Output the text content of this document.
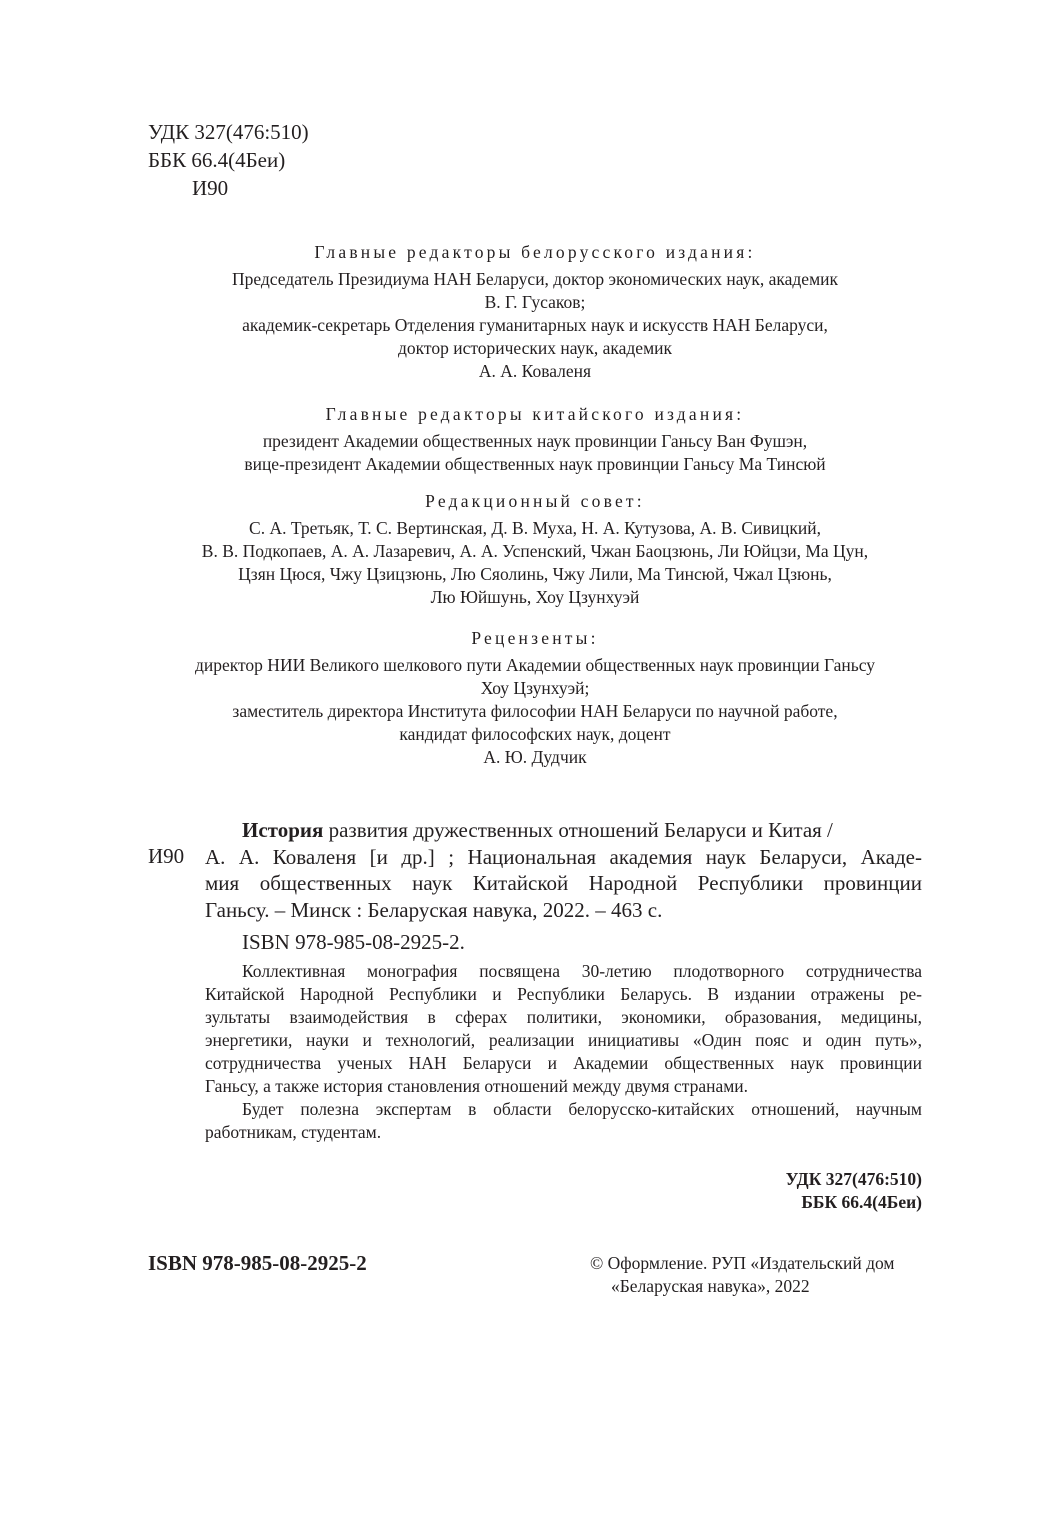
УДК 327(476:510)
ББК 66.4(4Беи)
И90
Главные редакторы белорусского издания:
Председатель Президиума НАН Беларуси, доктор экономических наук, академик
В. Г. Гусаков;
академик-секретарь Отделения гуманитарных наук и искусств НАН Беларуси,
доктор исторических наук, академик
А. А. Коваленя
Главные редакторы китайского издания:
президент Академии общественных наук провинции Ганьсу Ван Фушэн,
вице-президент Академии общественных наук провинции Ганьсу Ма Тинсюй
Редакционный совет:
С. А. Третьяк, Т. С. Вертинская, Д. В. Муха, Н. А. Кутузова, А. В. Сивицкий,
В. В. Подкопаев, А. А. Лазаревич, А. А. Успенский, Чжан Баоцзюнь, Ли Юйцзи, Ма Цун,
Цзян Цюся, Чжу Цзицзюнь, Лю Сяолинь, Чжу Лили, Ма Тинсюй, Чжал Цзюнь,
Лю Юйшунь, Хоу Цзунхуэй
Рецензенты:
директор НИИ Великого шелкового пути Академии общественных наук провинции Ганьсу
Хоу Цзунхуэй;
заместитель директора Института философии НАН Беларуси по научной работе,
кандидат философских наук, доцент
А. Ю. Дудчик
И90
История развития дружественных отношений Беларуси и Китая /
А. А. Коваленя [и др.] ; Национальная академия наук Беларуси, Акаде-
мия общественных наук Китайской Народной Республики провинции
Ганьсу. – Минск : Беларуская навука, 2022. – 463 с.
ISBN 978-985-08-2925-2.
Коллективная монография посвящена 30-летию плодотворного сотрудничества
Китайской Народной Республики и Республики Беларусь. В издании отражены ре-
зультаты взаимодействия в сферах политики, экономики, образования, медицины,
энергетики, науки и технологий, реализации инициативы «Один пояс и один путь»,
сотрудничества ученых НАН Беларуси и Академии общественных наук провинции
Ганьсу, а также история становления отношений между двумя странами.
Будет полезна экспертам в области белорусско-китайских отношений, научным
работникам, студентам.
УДК 327(476:510)
ББК 66.4(4Беи)
ISBN 978-985-08-2925-2	© Оформление. РУП «Издательский дом
«Беларуская навука», 2022
